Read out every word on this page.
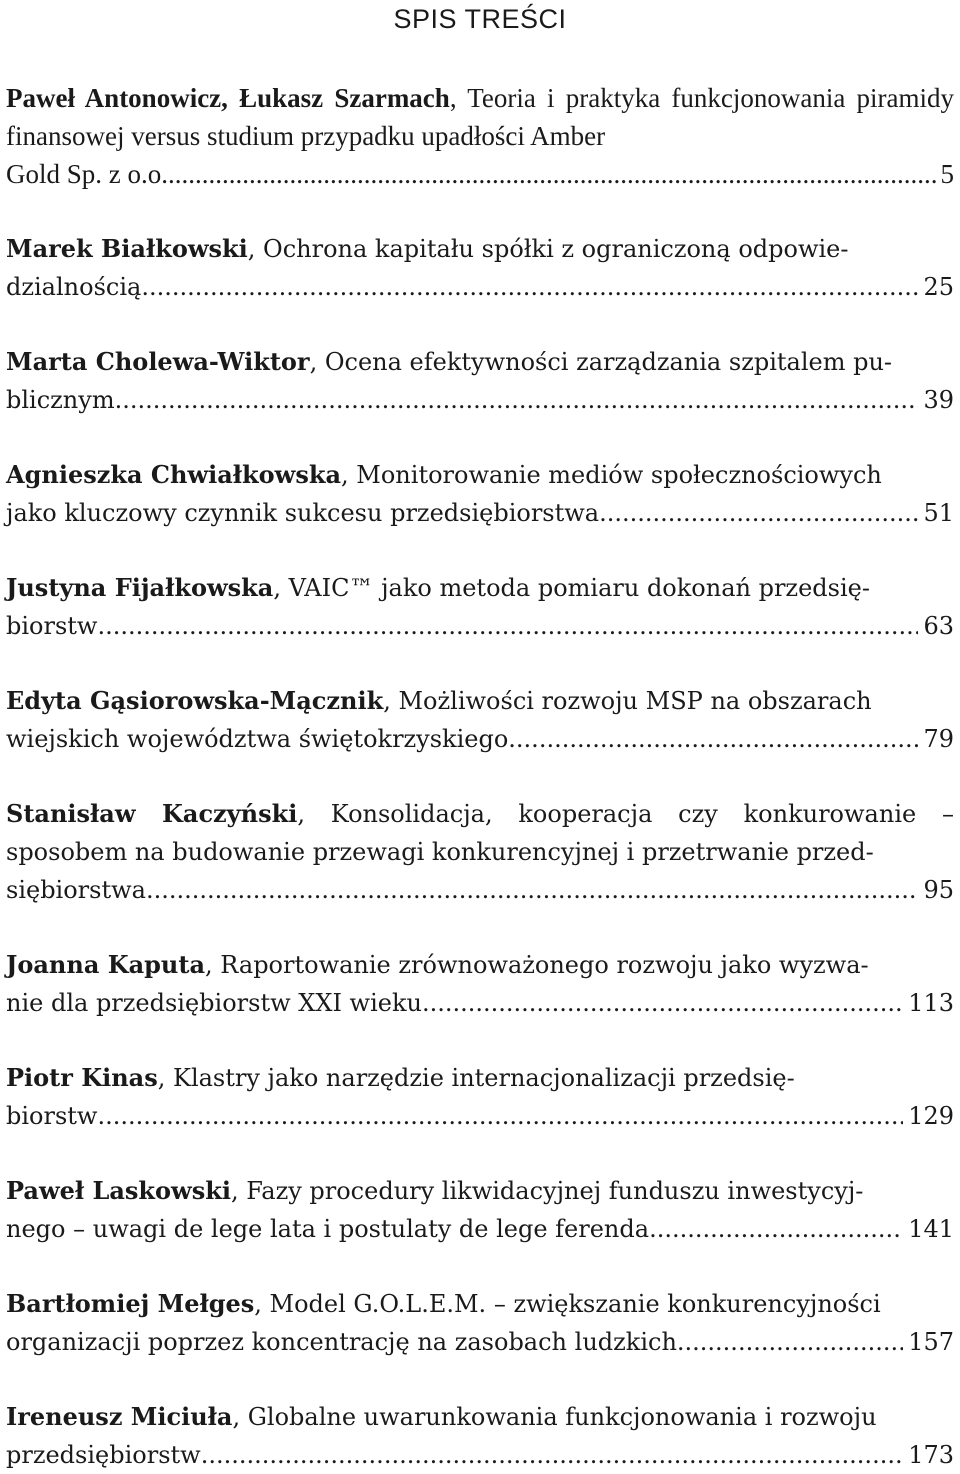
SPIS TREŚCI
Paweł Antonowicz, Łukasz Szarmach, Teoria i praktyka funkcjonowania piramidy finansowej versus studium przypadku upadłości Amber
Gold Sp. z o.o. .....	5
Marek Białkowski, Ochrona kapitału spółki z ograniczoną odpowie-
dzialnością .....	25
Marta Cholewa-Wiktor, Ocena efektywności zarządzania szpitalem pu-
blicznym .....	39
Agnieszka Chwiałkowska, Monitorowanie mediów społecznościowych
jako kluczowy czynnik sukcesu przedsiębiorstwa .....	51
Justyna Fijałkowska, VAIC™ jako metoda pomiaru dokonań przedsię-
biorstw .....	63
Edyta Gąsiorowska-Mącznik, Możliwości rozwoju MSP na obszarach
wiejskich województwa świętokrzyskiego .....	79
Stanisław Kaczyński, Konsolidacja, kooperacja czy konkurowanie – sposobem na budowanie przewagi konkurencyjnej i przetrwanie przed-
siębiorstwa .....	95
Joanna Kaputa, Raportowanie zrównoważonego rozwoju jako wyzwa-
nie dla przedsiębiorstw XXI wieku .....	113
Piotr Kinas, Klastry jako narzędzie internacjonalizacji przedsię-
biorstw .....	129
Paweł Laskowski, Fazy procedury likwidacyjnej funduszu inwestycyj-
nego – uwagi de lege lata i postulaty de lege ferenda .....	141
Bartłomiej Mełges, Model G.O.L.E.M. – zwiększanie konkurencyjności
organizacji poprzez koncentrację na zasobach ludzkich .....	157
Ireneusz Miciuła, Globalne uwarunkowania funkcjonowania i rozwoju
przedsiębiorstw .....	173
